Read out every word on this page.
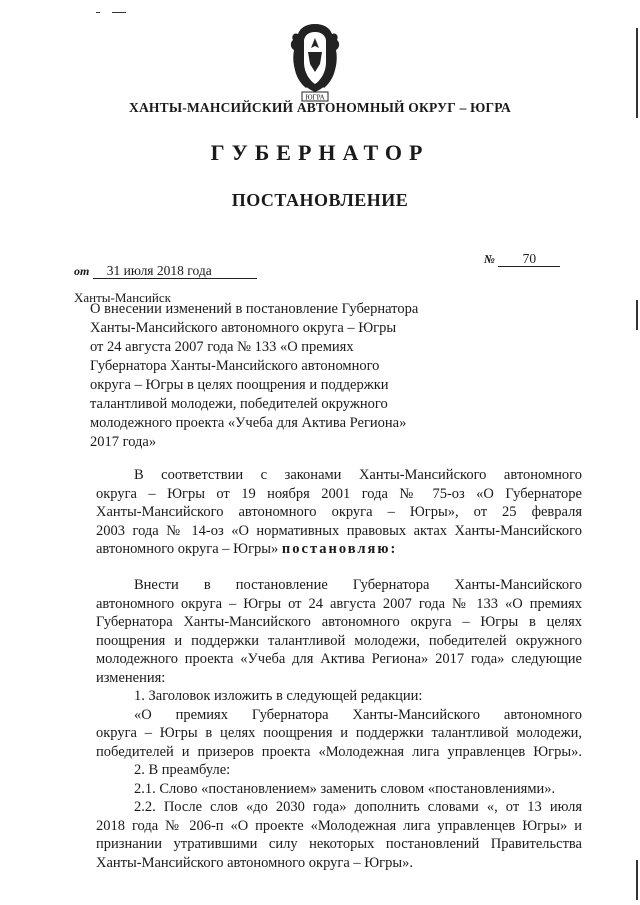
ЮГРА
ХАНТЫ-МАНСИЙСКИЙ АВТОНОМНЫЙ ОКРУГ – ЮГРА
ГУБЕРНАТОР
ПОСТАНОВЛЕНИЕ
от 31 июля 2018 года
№ 70
Ханты-Мансийск
О внесении изменений в постановление Губернатора
Ханты-Мансийского автономного округа – Югры
от 24 августа 2007 года № 133 «О премиях
Губернатора Ханты-Мансийского автономного
округа – Югры в целях поощрения и поддержки
талантливой молодежи, победителей окружного
молодежного проекта «Учеба для Актива Региона»
2017 года»
В соответствии с законами Ханты-Мансийского автономного
округа – Югры от 19 ноября 2001 года № 75-оз «О Губернаторе
Ханты-Мансийского автономного округа – Югры», от 25 февраля
2003 года № 14-оз «О нормативных правовых актах Ханты-Мансийского
автономного округа – Югры» постановляю:
Внести в постановление Губернатора Ханты-Мансийского
автономного округа – Югры от 24 августа 2007 года № 133 «О премиях
Губернатора Ханты-Мансийского автономного округа – Югры в целях
поощрения и поддержки талантливой молодежи, победителей окружного
молодежного проекта «Учеба для Актива Региона» 2017 года» следующие
изменения:
1. Заголовок изложить в следующей редакции:
«О премиях Губернатора Ханты-Мансийского автономного
округа – Югры в целях поощрения и поддержки талантливой молодежи,
победителей и призеров проекта «Молодежная лига управленцев Югры».
2. В преамбуле:
2.1. Слово «постановлением» заменить словом «постановлениями».
2.2. После слов «до 2030 года» дополнить словами «, от 13 июля
2018 года № 206-п «О проекте «Молодежная лига управленцев Югры» и
признании утратившими силу некоторых постановлений Правительства
Ханты-Мансийского автономного округа – Югры».
